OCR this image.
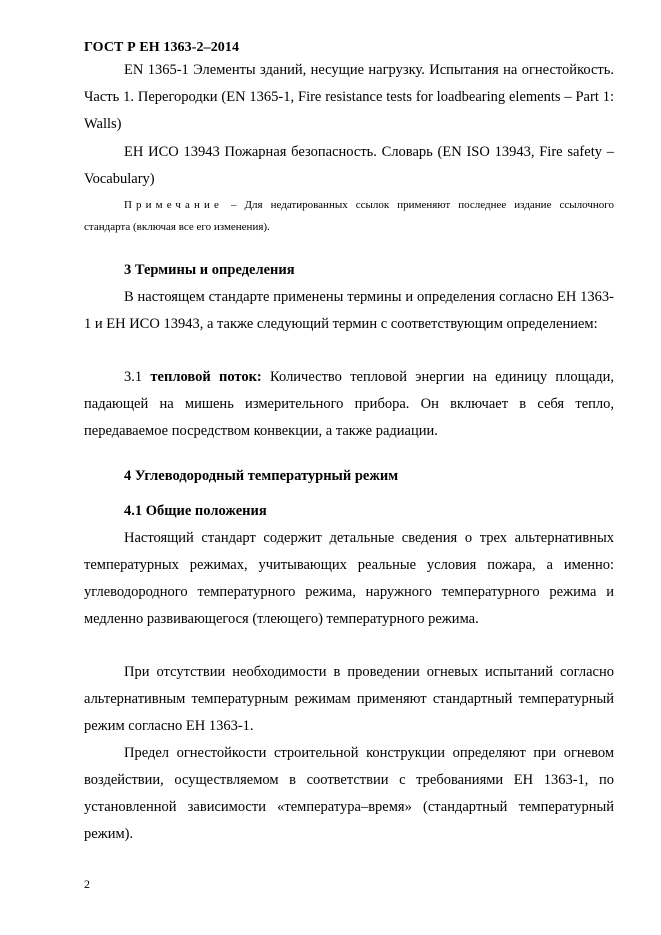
ГОСТ Р ЕН 1363-2–2014

EN 1365-1 Элементы зданий, несущие нагрузку. Испытания на огнестойкость. Часть 1. Перегородки (EN 1365-1, Fire resistance tests for loadbearing elements – Part 1: Walls)

ЕН ИСО 13943 Пожарная безопасность. Словарь (EN ISO 13943, Fire safety – Vocabulary)

Примечание – Для недатированных ссылок применяют последнее издание ссылочного стандарта (включая все его изменения).

3 Термины и определения

В настоящем стандарте применены термины и определения согласно ЕН 1363-1 и ЕН ИСО 13943, а также следующий термин с соответствующим определением:

3.1 тепловой поток: Количество тепловой энергии на единицу площади, падающей на мишень измерительного прибора. Он включает в себя тепло, передаваемое посредством конвекции, а также радиации.

4 Углеводородный температурный режим
4.1 Общие положения

Настоящий стандарт содержит детальные сведения о трех альтернативных температурных режимах, учитывающих реальные условия пожара, а именно: углеводородного температурного режима, наружного температурного режима и медленно развивающегося (тлеющего) температурного режима.

При отсутствии необходимости в проведении огневых испытаний согласно альтернативным температурным режимам применяют стандартный температурный режим согласно ЕН 1363-1.

Предел огнестойкости строительной конструкции определяют при огневом воздействии, осуществляемом в соответствии с требованиями ЕН 1363-1, по установленной зависимости «температура–время» (стандартный температурный режим).

2
